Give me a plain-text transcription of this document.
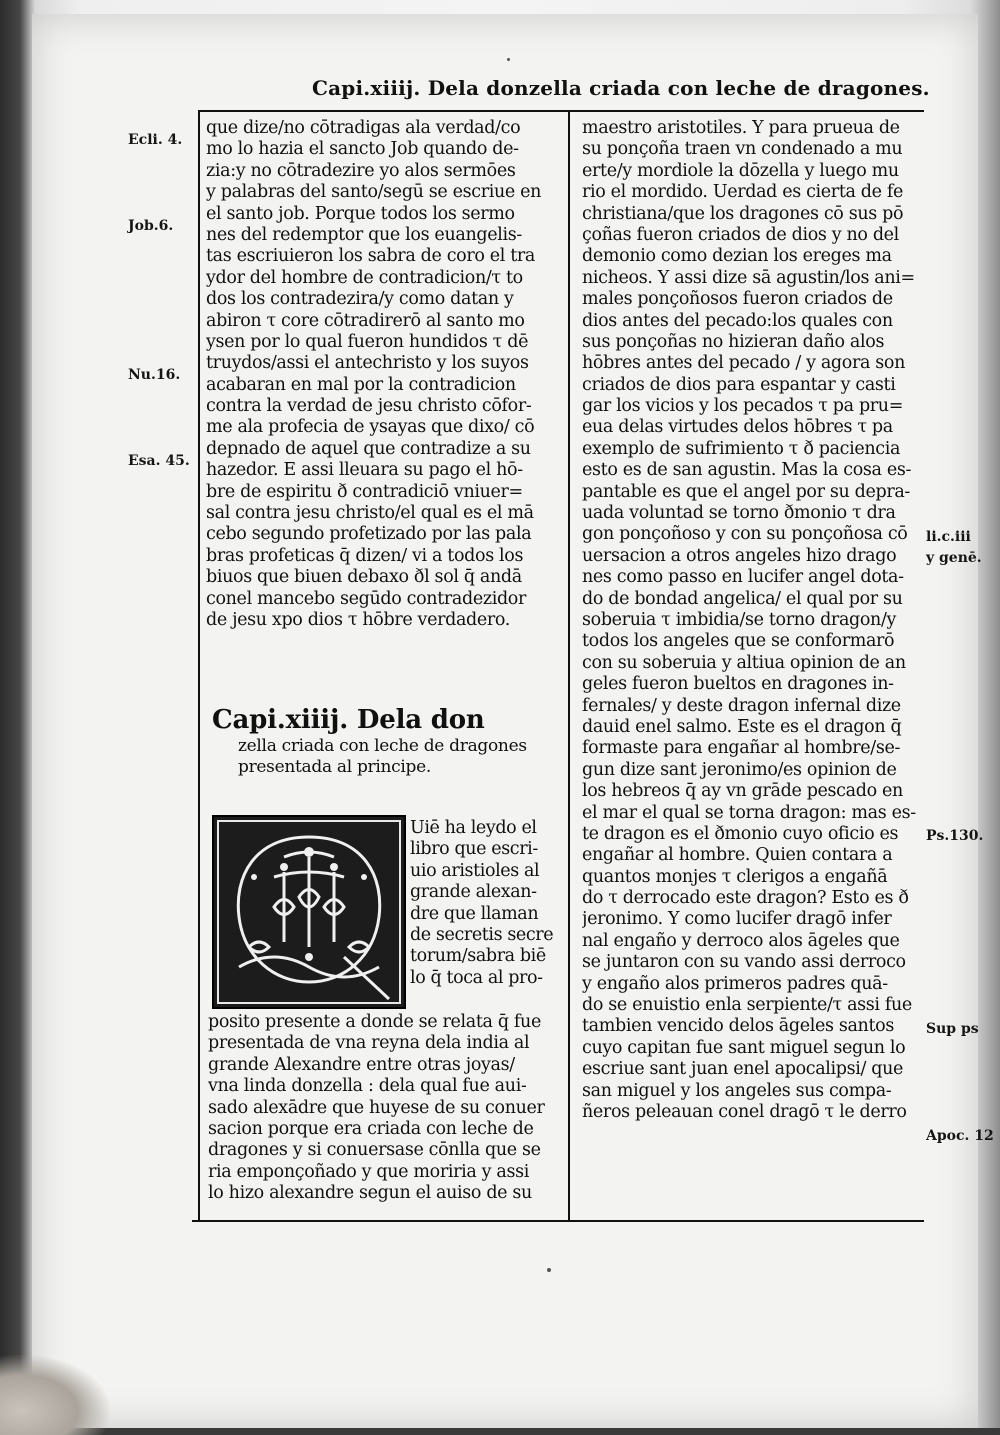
Capi.xiiij. Dela donzella criada con leche de dragones.
que dize/no cōtradigas ala verdad/co
mo lo hazia el sancto Job quando de-
zia:y no cōtradezire yo alos sermōes
y palabras del santo/segū se escriue en
el santo job. Porque todos los sermo
nes del redemptor que los euangelis-
tas escriuieron los sabra de coro el tra
ydor del hombre de contradicion/τ to
dos los contradezira/y como datan y
abiron τ core cōtradirerō al santo mo
ysen por lo qual fueron hundidos τ dē
truydos/assi el antechristo y los suyos
acabaran en mal por la contradicion
contra la verdad de jesu christo cōfor-
me ala profecia de ysayas que dixo/ cō
depnado de aquel que contradize a su
hazedor. E assi lleuara su pago el hō-
bre de espiritu ð contradiciō vniuer=
sal contra jesu christo/el qual es el mā
cebo segundo profetizado por las pala
bras profeticas q̄ dizen/ vi a todos los
biuos que biuen debaxo ðl sol q̄ andā
conel mancebo segūdo contradezidor
de jesu xpo dios τ hōbre verdadero.
maestro aristotiles. Y para prueua de
su ponçoña traen vn condenado a mu
erte/y mordiole la dōzella y luego mu
rio el mordido. Uerdad es cierta de fe
christiana/que los dragones cō sus pō
çoñas fueron criados de dios y no del
demonio como dezian los ereges ma
nicheos. Y assi dize sā agustin/los ani=
males ponçoñosos fueron criados de
dios antes del pecado:los quales con
sus ponçoñas no hizieran daño alos
hōbres antes del pecado / y agora son
criados de dios para espantar y casti
gar los vicios y los pecados τ pa pru=
eua delas virtudes delos hōbres τ pa
exemplo de sufrimiento τ ð paciencia
esto es de san agustin. Mas la cosa es-
pantable es que el angel por su depra-
uada voluntad se torno ðmonio τ dra
gon ponçoñoso y con su ponçoñosa cō
uersacion a otros angeles hizo drago
nes como passo en lucifer angel dota-
do de bondad angelica/ el qual por su
soberuia τ imbidia/se torno dragon/y
todos los angeles que se conformarō
con su soberuia y altiua opinion de an
geles fueron bueltos en dragones in-
fernales/ y deste dragon infernal dize
dauid enel salmo. Este es el dragon q̄
formaste para engañar al hombre/se-
gun dize sant jeronimo/es opinion de
los hebreos q̄ ay vn grāde pescado en
el mar el qual se torna dragon: mas es-
te dragon es el ðmonio cuyo oficio es
engañar al hombre. Quien contara a
quantos monjes τ clerigos a engañā
do τ derrocado este dragon? Esto es ð
jeronimo. Y como lucifer dragō infer
nal engaño y derroco alos āgeles que
se juntaron con su vando assi derroco
y engaño alos primeros padres quā-
do se enuistio enla serpiente/τ assi fue
tambien vencido delos āgeles santos
cuyo capitan fue sant miguel segun lo
escriue sant juan enel apocalipsi/ que
san miguel y los angeles sus compa-
ñeros peleauan conel dragō τ le derro
Capi.xiiij. Dela don
zella criada con leche de dragones
presentada al principe.
Q
Uiē ha leydo el
libro que escri-
uio aristioles al
grande alexan-
dre que llaman
de secretis secre
torum/sabra biē
lo q̄ toca al pro-
posito presente a donde se relata q̄ fue
presentada de vna reyna dela india al
grande Alexandre entre otras joyas/
vna linda donzella : dela qual fue aui-
sado alexādre que huyese de su conuer
sacion porque era criada con leche de
dragones y si conuersase cōnlla que se
ria emponçoñado y que moriria y assi
lo hizo alexandre segun el auiso de su
Ecli. 4.
Job.6.
Nu.16.
Esa. 45.
li.c.iii
y genē.
Ps.130.
Sup ps
Apoc. 12
